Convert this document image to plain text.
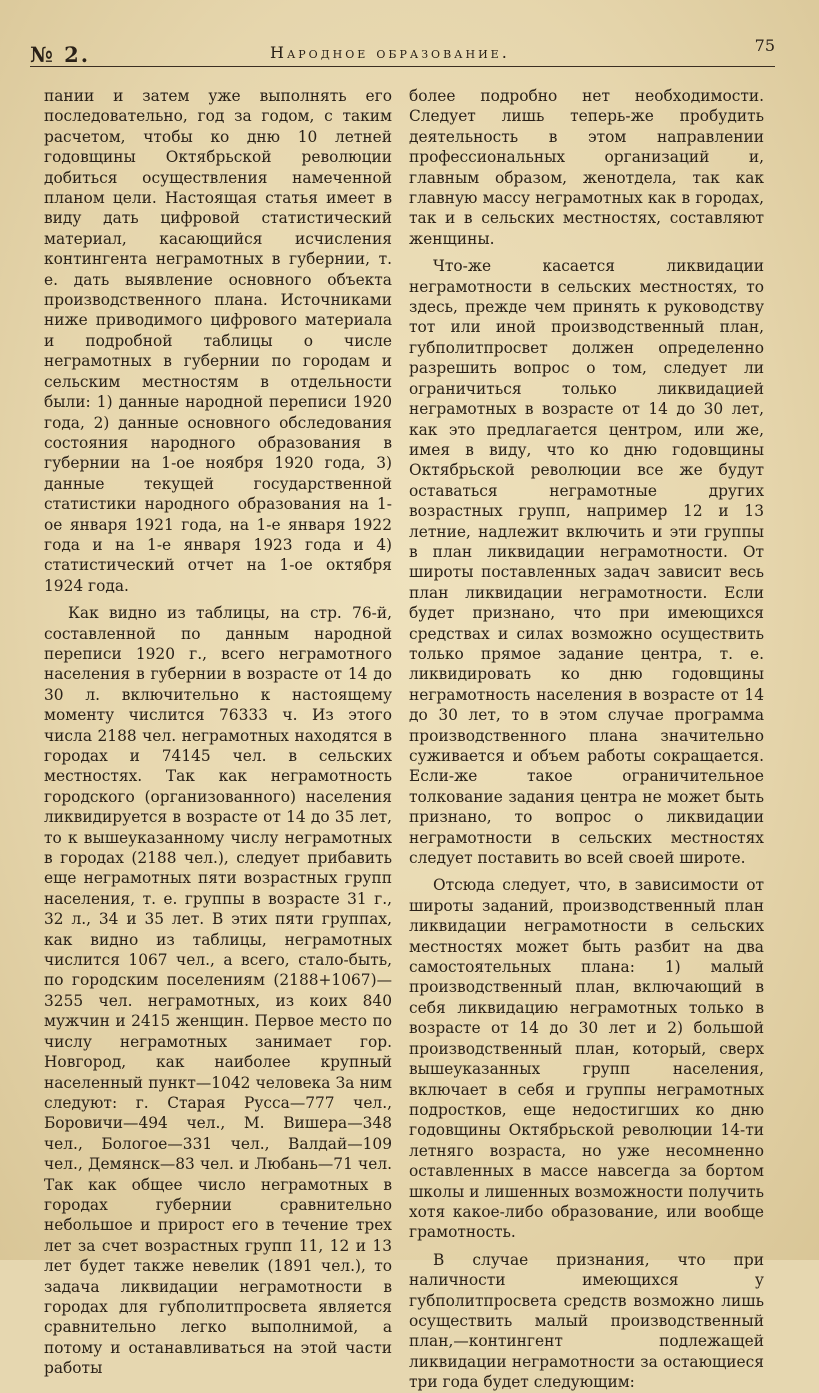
№ 2.	Народное образование.	75

пании и затем уже выполнять его последовательно, год за годом, с таким расчетом, чтобы ко дню 10 летней годовщины Октябрьской революции добиться осуществления намеченной планом цели. Настоящая статья имеет в виду дать цифровой статистический материал, касающийся исчисления контингента неграмотных в губернии, т. е. дать выявление основного объекта производственного плана. Источниками ниже приводимого цифрового материала и подробной таблицы о числе неграмотных в губернии по городам и сельским местностям в отдельности были: 1) данные народной переписи 1920 года, 2) данные основного обследования состояния народного образования в губернии на 1-ое ноября 1920 года, 3) данные текущей государственной статистики народного образования на 1-ое января 1921 года, на 1-е января 1922 года и на 1-е января 1923 года и 4) статистический отчет на 1-ое октября 1924 года.

Как видно из таблицы, на стр. 76-й, составленной по данным народной переписи 1920 г., всего неграмотного населения в губернии в возрасте от 14 до 30 л. включительно к настоящему моменту числится 76333 ч. Из этого числа 2188 чел. неграмотных находятся в городах и 74145 чел. в сельских местностях. Так как неграмотность городского (организованного) населения ликвидируется в возрасте от 14 до 35 лет, то к вышеуказанному числу неграмотных в городах (2188 чел.), следует прибавить еще неграмотных пяти возрастных групп населения, т. е. группы в возрасте 31 г., 32 л., 34 и 35 лет. В этих пяти группах, как видно из таблицы, неграмотных числится 1067 чел., а всего, стало-быть, по городским поселениям (2188+1067)—3255 чел. неграмотных, из коих 840 мужчин и 2415 женщин. Первое место по числу неграмотных занимает гор. Новгород, как наиболее крупный населенный пункт—1042 человека За ним следуют: г. Старая Русса—777 чел., Боровичи—494 чел., М. Вишера—348 чел., Бологое—331 чел., Валдай—109 чел., Демянск—83 чел. и Любань—71 чел. Так как общее число неграмотных в городах губернии сравнительно небольшое и прирост его в течение трех лет за счет возрастных групп 11, 12 и 13 лет будет также невелик (1891 чел.), то задача ликвидации неграмотности в городах для губполитпросвета является сравнительно легко выполнимой, а потому и останавливаться на этой части работы

более подробно нет необходимости. Следует лишь теперь-же пробудить деятельность в этом направлении профессиональных организаций и, главным образом, женотдела, так как главную массу неграмотных как в городах, так и в сельских местностях, составляют женщины.

Что-же касается ликвидации неграмотности в сельских местностях, то здесь, прежде чем принять к руководству тот или иной производственный план, губполитпросвет должен определенно разрешить вопрос о том, следует ли ограничиться только ликвидацией неграмотных в возрасте от 14 до 30 лет, как это предлагается центром, или же, имея в виду, что ко дню годовщины Октябрьской революции все же будут оставаться неграмотные других возрастных групп, например 12 и 13 летние, надлежит включить и эти группы в план ликвидации неграмотности. От широты поставленных задач зависит весь план ликвидации неграмотности. Если будет признано, что при имеющихся средствах и силах возможно осуществить только прямое задание центра, т. е. ликвидировать ко дню годовщины неграмотность населения в возрасте от 14 до 30 лет, то в этом случае программа производственного плана значительно суживается и объем работы сокращается. Если-же такое ограничительное толкование задания центра не может быть признано, то вопрос о ликвидации неграмотности в сельских местностях следует поставить во всей своей широте.

Отсюда следует, что, в зависимости от широты заданий, производственный план ликвидации неграмотности в сельских местностях может быть разбит на два самостоятельных плана: 1) малый производственный план, включающий в себя ликвидацию неграмотных только в возрасте от 14 до 30 лет и 2) большой производственный план, который, сверх вышеуказанных групп населения, включает в себя и группы неграмотных подростков, еще недостигших ко дню годовщины Октябрьской революции 14-ти летняго возраста, но уже несомненно оставленных в массе навсегда за бортом школы и лишенных возможности получить хотя какое-либо образование, или вообще грамотность.

В случае признания, что при наличности имеющихся у губполитпросвета средств возможно лишь осуществить малый производственный план,—контингент подлежащей ликвидации неграмотности за остающиеся три года будет следующим:
